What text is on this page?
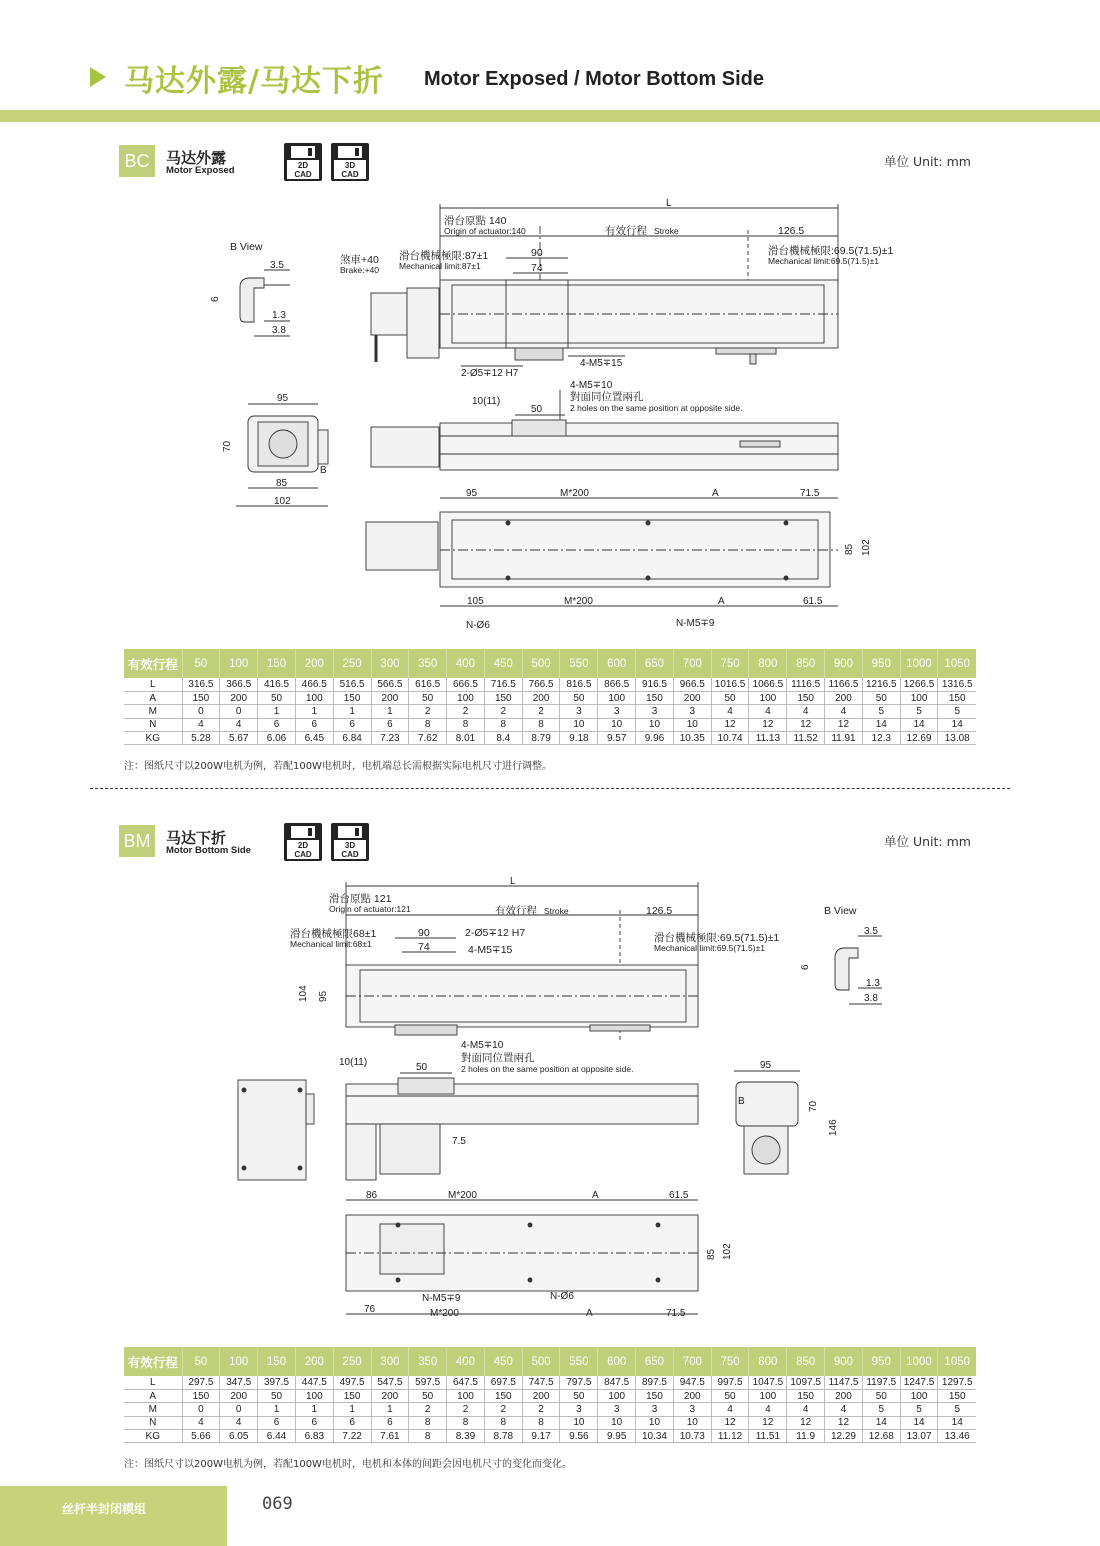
马达外露/马达下折 Motor Exposed / Motor Bottom Side
BC	马达外露
Motor Exposed	2D
CAD
3D
CAD
单位 Unit: mm
L
滑台原點 140
Origin of actuator:140	有效行程 Stroke	126.5
煞車+40
Brake:+40
滑台機械極限:87±1
Mechanical limit:87±1
90
74
滑台機械極限:69.5(71.5)±1
Mechanical limit:69.5(71.5)±1
B View
3.5
6
1.3
3.8
2-Ø5∓12 H7
4-M5∓15
4-M5∓10
對面同位置兩孔
2 holes on the same position at opposite side.
10(11)
50
95
70
B
85
102
95	M*200	A	71.5
85 102
105	M*200	A	61.5
N-Ø6	N-M5∓9
有效行程	50	100	150	200	250	300	350	400	450	500	550	600	650	700	750	800	850	900	950	1000	1050
L	316.5	366.5	416.5	466.5	516.5	566.5	616.5	666.5	716.5	766.5	816.5	866.5	916.5	966.5	1016.5	1066.5	1116.5	1166.5	1216.5	1266.5	1316.5
A	150	200	50	100	150	200	50	100	150	200	50	100	150	200	50	100	150	200	50	100	150
M	0	0	1	1	1	1	2	2	2	2	3	3	3	3	4	4	4	4	5	5	5
N	4	4	6	6	6	6	8	8	8	8	10	10	10	10	12	12	12	12	14	14	14
KG	5.28	5.67	6.06	6.45	6.84	7.23	7.62	8.01	8.4	8.79	9.18	9.57	9.96	10.35	10.74	11.13	11.52	11.91	12.3	12.69	13.08
注：图纸尺寸以200W电机为例，若配100W电机时，电机端总长需根据实际电机尺寸进行调整。
BM	马达下折
Motor Bottom Side	2D
CAD
3D
CAD
单位 Unit: mm
L
滑台原點 121
Origin of actuator:121	有效行程 Stroke	126.5
滑台機械極限68±1
Mechanical limit:68±1
90
74
2-Ø5∓12 H7
4-M5∓15
滑台機械極限:69.5(71.5)±1
Mechanical limit:69.5(71.5)±1
B View
3.5
6
1.3
3.8
104 95
10(11)	50
4-M5∓10
對面同位置兩孔
2 holes on the same position at opposite side.
7.5
95
B	70
146
86	M*200	A	61.5
85 102
N-M5∓9	N-Ø6
76	M*200	A	71.5
有效行程	50	100	150	200	250	300	350	400	450	500	550	600	650	700	750	800	850	900	950	1000	1050
L	297.5	347.5	397.5	447.5	497.5	547.5	597.5	647.5	697.5	747.5	797.5	847.5	897.5	947.5	997.5	1047.5	1097.5	1147.5	1197.5	1247.5	1297.5
A	150	200	50	100	150	200	50	100	150	200	50	100	150	200	50	100	150	200	50	100	150
M	0	0	1	1	1	1	2	2	2	2	3	3	3	3	4	4	4	4	5	5	5
N	4	4	6	6	6	6	8	8	8	8	10	10	10	10	12	12	12	12	14	14	14
KG	5.66	6.05	6.44	6.83	7.22	7.61	8	8.39	8.78	9.17	9.56	9.95	10.34	10.73	11.12	11.51	11.9	12.29	12.68	13.07	13.46
注：图纸尺寸以200W电机为例，若配100W电机时，电机和本体的间距会因电机尺寸的变化而变化。
丝杆半封闭模组	069
